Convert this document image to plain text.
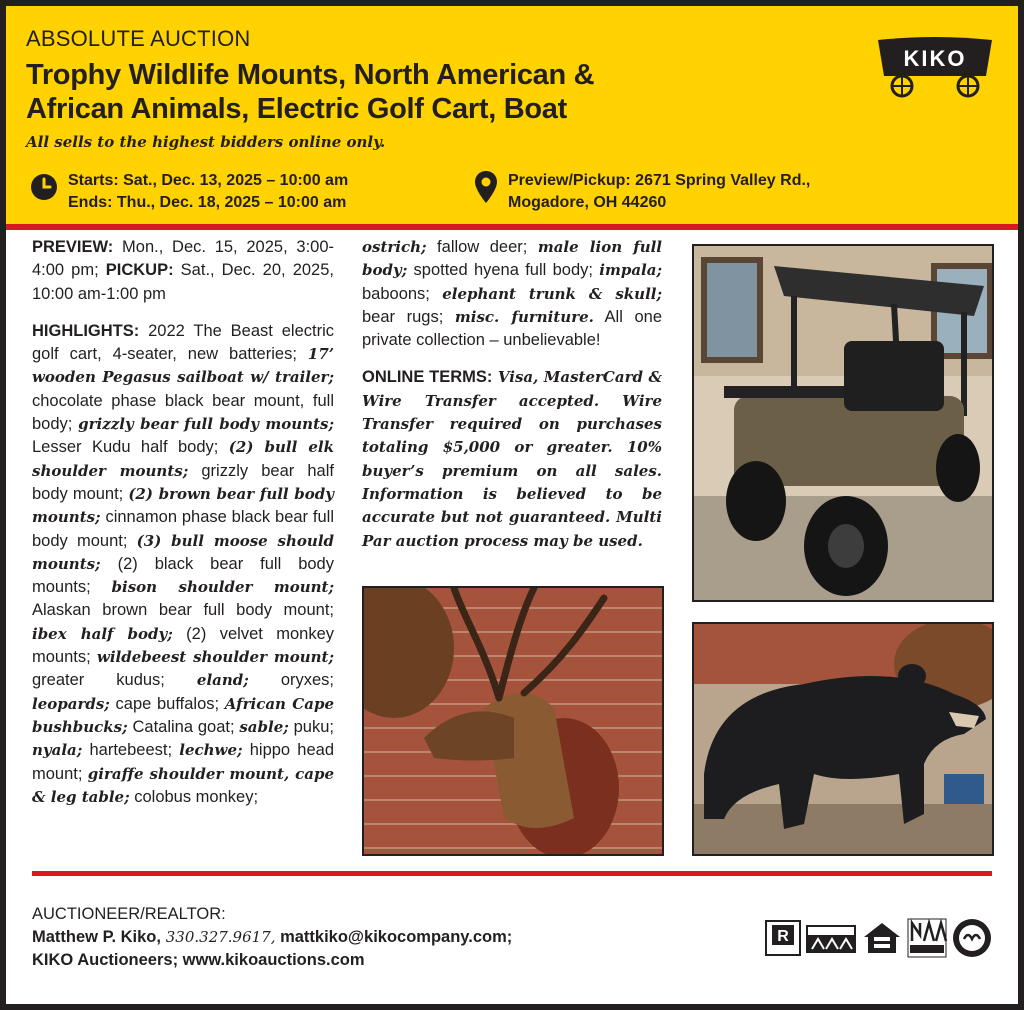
ABSOLUTE AUCTION
Trophy Wildlife Mounts, North American &
African Animals, Electric Golf Cart, Boat
All sells to the highest bidders online only.
Starts: Sat., Dec. 13, 2025 – 10:00 am
Ends: Thu., Dec. 18, 2025 – 10:00 am
Preview/Pickup: 2671 Spring Valley Rd.,
Mogadore, OH 44260
KIKO

PREVIEW: Mon., Dec. 15, 2025, 3:00-4:00 pm; PICKUP: Sat., Dec. 20, 2025, 10:00 am-1:00 pm

HIGHLIGHTS: 2022 The Beast electric golf cart, 4-seater, new batteries; 17’ wooden Pegasus sailboat w/ trailer; chocolate phase black bear mount, full body; grizzly bear full body mounts; Lesser Kudu half body; (2) bull elk shoulder mounts; grizzly bear half body mount; (2) brown bear full body mounts; cinnamon phase black bear full body mount; (3) bull moose should mounts; (2) black bear full body mounts; bison shoulder mount; Alaskan brown bear full body mount; ibex half body; (2) velvet monkey mounts; wildebeest shoulder mount; greater kudus; eland; oryxes; leopards; cape buffalos; African Cape bushbucks; Catalina goat; sable; puku; nyala; hartebeest; lechwe; hippo head mount; giraffe shoulder mount, cape & leg table; colobus monkey;

ostrich; fallow deer; male lion full body; spotted hyena full body; impala; baboons; elephant trunk & skull; bear rugs; misc. furniture. All one private collection – unbelievable!

ONLINE TERMS: Visa, MasterCard & Wire Transfer accepted. Wire Transfer required on purchases totaling $5,000 or greater. 10% buyer’s premium on all sales. Information is believed to be accurate but not guaranteed. Multi Par auction process may be used.

AUCTIONEER/REALTOR:
Matthew P. Kiko, 330.327.9617, mattkiko@kikocompany.com;
KIKO Auctioneers; www.kikoauctions.com
R
